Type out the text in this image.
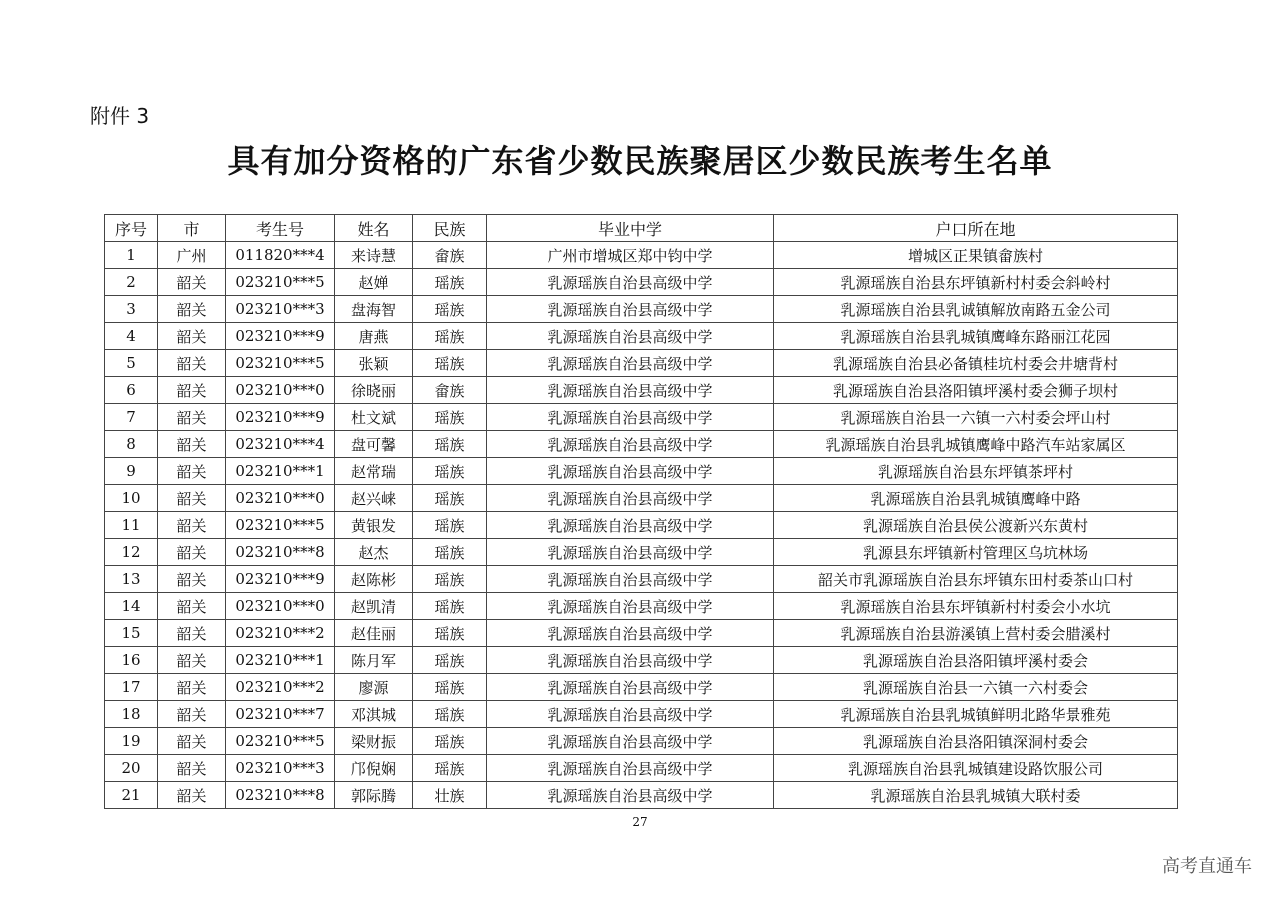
附件 3
具有加分资格的广东省少数民族聚居区少数民族考生名单
序号	市	考生号	姓名	民族	毕业中学	户口所在地
1	广州	011820***4	来诗慧	畲族	广州市增城区郑中钧中学	增城区正果镇畲族村
2	韶关	023210***5	赵婵	瑶族	乳源瑶族自治县高级中学	乳源瑶族自治县东坪镇新村村委会斜岭村
3	韶关	023210***3	盘海智	瑶族	乳源瑶族自治县高级中学	乳源瑶族自治县乳诚镇解放南路五金公司
4	韶关	023210***9	唐燕	瑶族	乳源瑶族自治县高级中学	乳源瑶族自治县乳城镇鹰峰东路丽江花园
5	韶关	023210***5	张颖	瑶族	乳源瑶族自治县高级中学	乳源瑶族自治县必备镇桂坑村委会井塘背村
6	韶关	023210***0	徐晓丽	畲族	乳源瑶族自治县高级中学	乳源瑶族自治县洛阳镇坪溪村委会狮子坝村
7	韶关	023210***9	杜文斌	瑶族	乳源瑶族自治县高级中学	乳源瑶族自治县一六镇一六村委会坪山村
8	韶关	023210***4	盘可馨	瑶族	乳源瑶族自治县高级中学	乳源瑶族自治县乳城镇鹰峰中路汽车站家属区
9	韶关	023210***1	赵常瑞	瑶族	乳源瑶族自治县高级中学	乳源瑶族自治县东坪镇茶坪村
10	韶关	023210***0	赵兴崃	瑶族	乳源瑶族自治县高级中学	乳源瑶族自治县乳城镇鹰峰中路
11	韶关	023210***5	黄银发	瑶族	乳源瑶族自治县高级中学	乳源瑶族自治县侯公渡新兴东黄村
12	韶关	023210***8	赵杰	瑶族	乳源瑶族自治县高级中学	乳源县东坪镇新村管理区乌坑林场
13	韶关	023210***9	赵陈彬	瑶族	乳源瑶族自治县高级中学	韶关市乳源瑶族自治县东坪镇东田村委茶山口村
14	韶关	023210***0	赵凯清	瑶族	乳源瑶族自治县高级中学	乳源瑶族自治县东坪镇新村村委会小水坑
15	韶关	023210***2	赵佳丽	瑶族	乳源瑶族自治县高级中学	乳源瑶族自治县游溪镇上营村委会腊溪村
16	韶关	023210***1	陈月军	瑶族	乳源瑶族自治县高级中学	乳源瑶族自治县洛阳镇坪溪村委会
17	韶关	023210***2	廖源	瑶族	乳源瑶族自治县高级中学	乳源瑶族自治县一六镇一六村委会
18	韶关	023210***7	邓淇城	瑶族	乳源瑶族自治县高级中学	乳源瑶族自治县乳城镇鲜明北路华景雅苑
19	韶关	023210***5	梁财振	瑶族	乳源瑶族自治县高级中学	乳源瑶族自治县洛阳镇深洞村委会
20	韶关	023210***3	邝倪娴	瑶族	乳源瑶族自治县高级中学	乳源瑶族自治县乳城镇建设路饮服公司
21	韶关	023210***8	郭际腾	壮族	乳源瑶族自治县高级中学	乳源瑶族自治县乳城镇大联村委
27
高考直通车
